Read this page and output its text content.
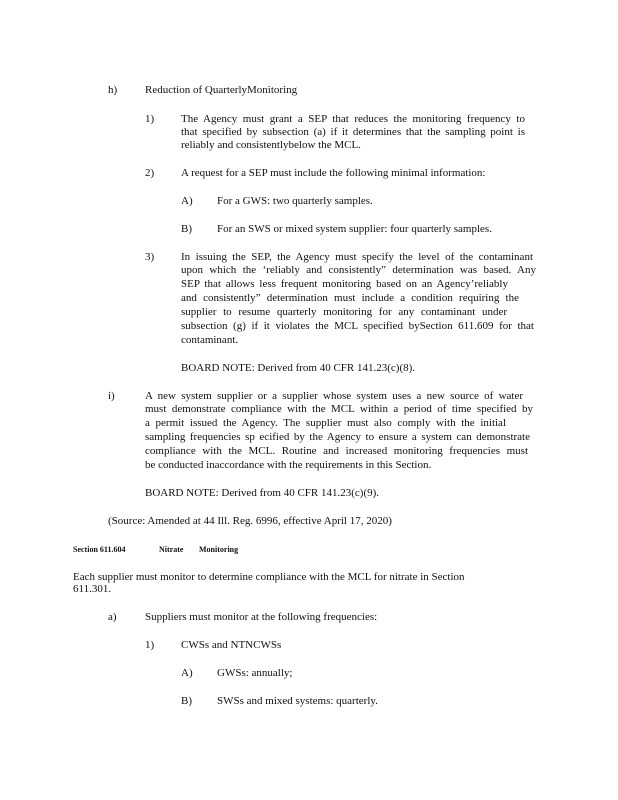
h)	Reduction of QuarterlyMonitoring
1) The Agency must grant a SEP that reduces the monitoring frequency to
that specified by subsection (a) if it determines that the sampling point is
reliably and consistentlybelow the MCL.
2) A request for a SEP must include the following minimal information:
A) For a GWS: two quarterly samples.
B) For an SWS or mixed system supplier: four quarterly samples.
3) In issuing the SEP, the Agency must specify the level of the contaminant
upon which the ‘reliably and consistently” determination was based. Any
SEP that allows less frequent monitoring based on an Agency’reliably
and consistently” determination must include a condition requiring the
supplier to resume quarterly monitoring for any contaminant under
subsection (g) if it violates the MCL specified bySection 611.609 for that
contaminant.
BOARD NOTE: Derived from 40 CFR 141.23(c)(8).
i)	A new system supplier or a supplier whose system uses a new source of water
must demonstrate compliance with the MCL within a period of time specified by
a permit issued the Agency. The supplier must also comply with the initial
sampling frequencies sp ecified by the Agency to ensure a system can demonstrate
compliance with the MCL. Routine and increased monitoring frequencies must
be conducted inaccordance with the requirements in this Section.
BOARD NOTE: Derived from 40 CFR 141.23(c)(9).
(Source: Amended at 44 Ill. Reg. 6996, effective April 17, 2020)
Section 611.604	Nitrate Monitoring
Each supplier must monitor to determine compliance with the MCL for nitrate in Section
611.301.
a)	Suppliers must monitor at the following frequencies:
1) CWSs and NTNCWSs
A) GWSs: annually;
B) SWSs and mixed systems: quarterly.
